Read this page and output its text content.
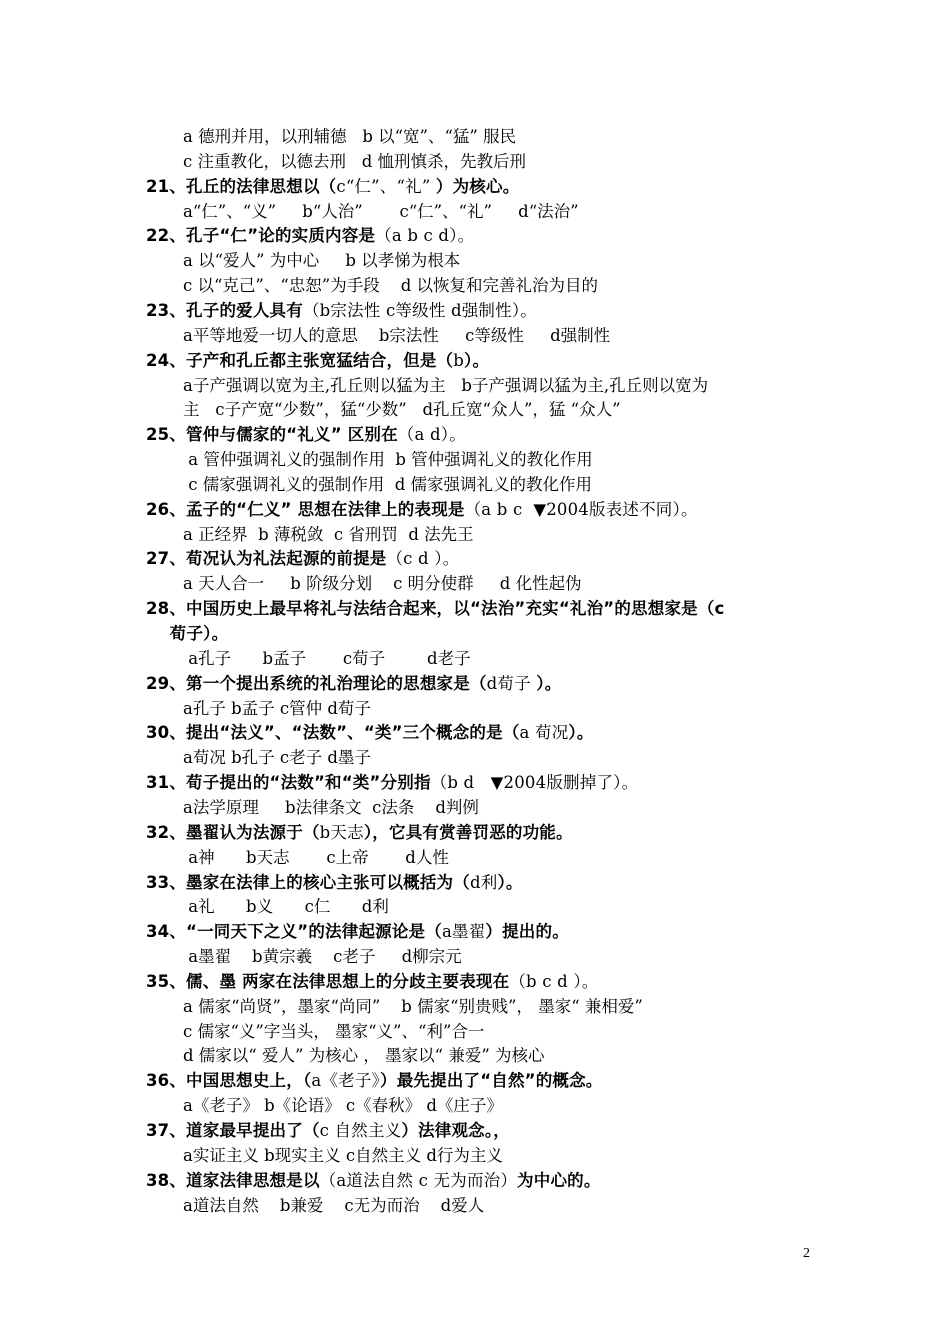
a 德刑并用，以刑辅德   b 以“宽”、“猛” 服民
c 注重教化，以德去刑   d 恤刑慎杀，先教后刑
21、孔丘的法律思想以（c“仁”、“礼” ）为核心。
a“仁”、“义”     b“人治”       c“仁”、“礼”     d“法治”
22、孔子“仁”论的实质内容是（a b c d）。
a 以“爱人” 为中心     b 以孝悌为根本
c 以“克己”、“忠恕”为手段    d 以恢复和完善礼治为目的
23、孔子的爱人具有（b宗法性 c等级性 d强制性）。
a平等地爱一切人的意思    b宗法性     c等级性     d强制性
24、子产和孔丘都主张宽猛结合，但是（b）。
a子产强调以宽为主,孔丘则以猛为主   b子产强调以猛为主,孔丘则以宽为
主   c子产宽“少数”，猛“少数”   d孔丘宽“众人”，猛 “众人”
25、管仲与儒家的“礼义” 区别在（a d）。
a 管仲强调礼义的强制作用  b 管仲强调礼义的教化作用
c 儒家强调礼义的强制作用  d 儒家强调礼义的教化作用
26、孟子的“仁义” 思想在法律上的表现是（a b c  ▼2004版表述不同）。
a 正经界  b 薄税敛  c 省刑罚  d 法先王
27、荀况认为礼法起源的前提是（c d ）。
a 天人合一     b 阶级分划    c 明分使群     d 化性起伪
28、中国历史上最早将礼与法结合起来，以“法治”充实“礼治”的思想家是（c
荀子）。
a孔子      b孟子       c荀子        d老子
29、第一个提出系统的礼治理论的思想家是（d荀子 ）。
a孔子 b孟子 c管仲 d荀子
30、提出“法义”、“法数”、“类”三个概念的是（a 荀况）。
a荀况 b孔子 c老子 d墨子
31、荀子提出的“法数”和“类”分别指（b d   ▼2004版删掉了）。
a法学原理     b法律条文  c法条    d判例
32、墨翟认为法源于（b天志），它具有赏善罚恶的功能。
a神      b天志       c上帝       d人性
33、墨家在法律上的核心主张可以概括为（d利）。
a礼      b义      c仁      d利
34、“一同天下之义”的法律起源论是（a墨翟）提出的。
a墨翟    b黄宗羲    c老子     d柳宗元
35、儒、墨 两家在法律思想上的分歧主要表现在（b c d ）。
a 儒家“尚贤”，墨家“尚同”    b 儒家“别贵贱”， 墨家“ 兼相爱”
c 儒家“义”字当头， 墨家“义”、“利”合一
d 儒家以“ 爱人” 为核心 ， 墨家以“ 兼爱” 为核心
36、中国思想史上，（a《老子》）最先提出了“自然”的概念。
a《老子》 b《论语》 c《春秋》 d《庄子》
37、道家最早提出了（c 自然主义）法律观念。，
a实证主义 b现实主义 c自然主义 d行为主义
38、道家法律思想是以（a道法自然 c 无为而治）为中心的。
a道法自然    b兼爱    c无为而治    d爱人
2
